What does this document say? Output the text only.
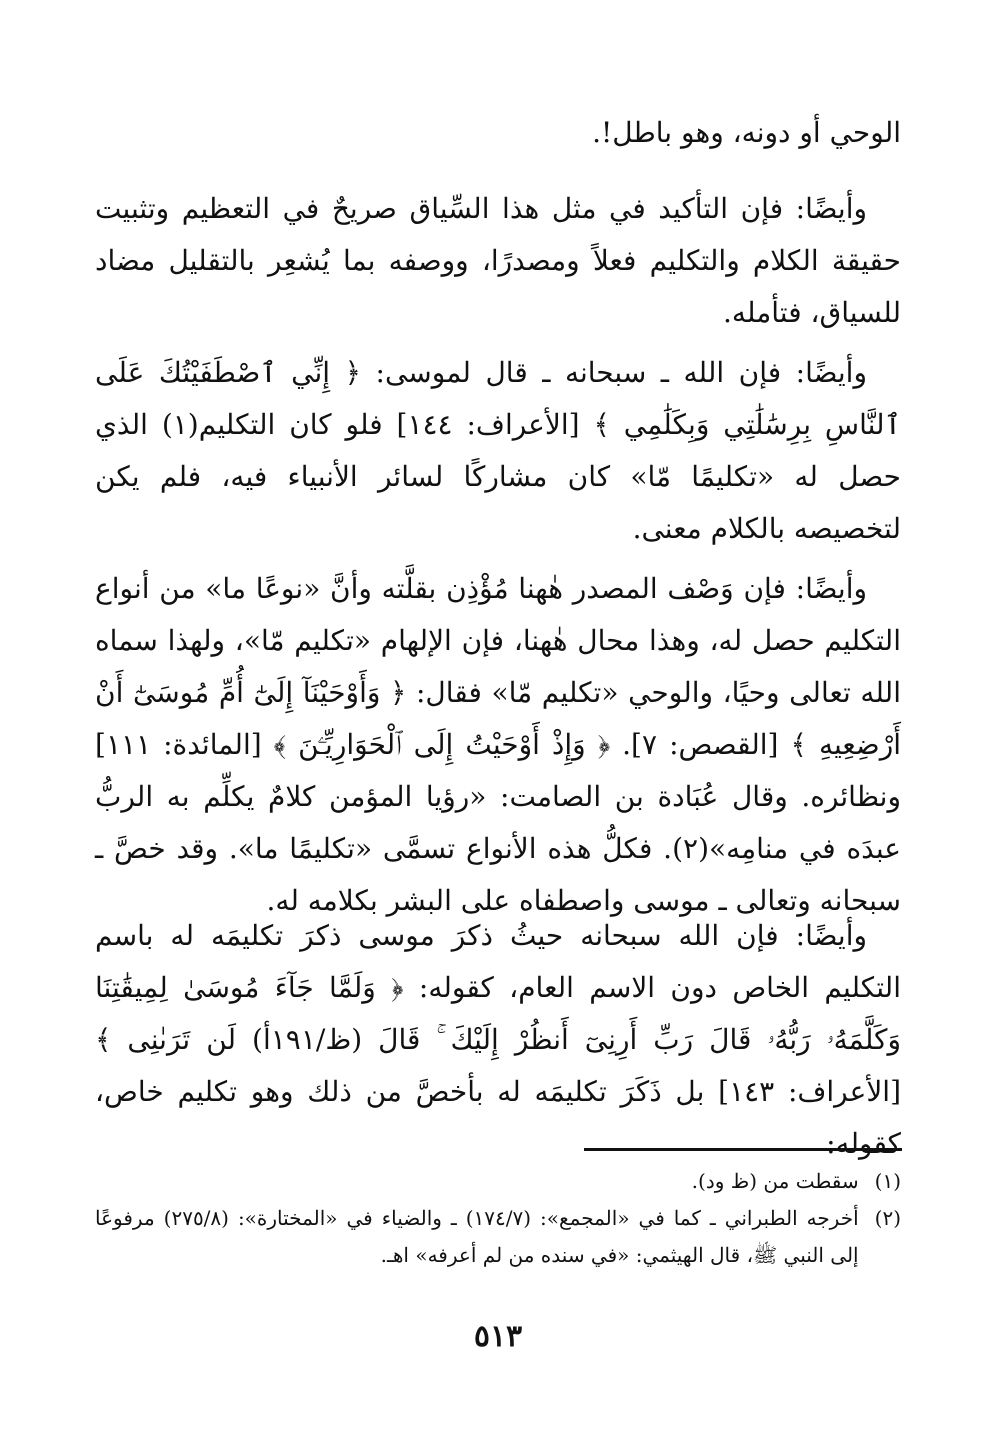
الوحي أو دونه، وهو باطل!.

وأيضًا: فإن التأكيد في مثل هذا السِّياق صريحٌ في التعظيم وتثبيت حقيقة الكلام والتكليم فعلاً ومصدرًا، ووصفه بما يُشعِر بالتقليل مضاد للسياق، فتأمله.

وأيضًا: فإن الله ـ سبحانه ـ قال لموسى: ﴿ إِنِّي ٱصْطَفَيْتُكَ عَلَى ٱلنَّاسِ بِرِسَٰلَٰتِي وَبِكَلَٰمِي ﴾ [الأعراف: ١٤٤] فلو كان التكليم(١) الذي حصل له «تكليمًا مّا» كان مشاركًا لسائر الأنبياء فيه، فلم يكن لتخصيصه بالكلام معنى.

وأيضًا: فإن وَصْف المصدر هٰهنا مُؤْذِن بقلَّته وأنَّ «نوعًا ما» من أنواع التكليم حصل له، وهذا محال هٰهنا، فإن الإلهام «تكليم مّا»، ولهذا سماه الله تعالى وحيًا، والوحي «تكليم مّا» فقال: ﴿ وَأَوْحَيْنَآ إِلَىٰٓ أُمِّ مُوسَىٰٓ أَنْ أَرْضِعِيهِ ﴾ [القصص: ٧]. ﴿ وَإِذْ أَوْحَيْتُ إِلَى ٱلْحَوَارِيِّـۧنَ ﴾ [المائدة: ١١١] ونظائره. وقال عُبَادة بن الصامت: «رؤيا المؤمن كلامٌ يكلِّم به الربُّ عبدَه في منامِه»(٢). فكلُّ هذه الأنواع تسمَّى «تكليمًا ما». وقد خصَّ ـ سبحانه وتعالى ـ موسى واصطفاه على البشر بكلامه له.

وأيضًا: فإن الله سبحانه حيثُ ذكرَ موسى ذكرَ تكليمَه له باسم التكليم الخاص دون الاسم العام، كقوله: ﴿ وَلَمَّا جَآءَ مُوسَىٰ لِمِيقَٰتِنَا وَكَلَّمَهُۥ رَبُّهُۥ قَالَ رَبِّ أَرِنِىٓ أَنظُرْ إِلَيْكَ ۚ قَالَ (ظ/١٩١أ) لَن تَرَىٰنِى ﴾ [الأعراف: ١٤٣] بل ذَكَرَ تكليمَه له بأخصَّ من ذلك وهو تكليم خاص، كقوله:

(١)
سقطت من (ظ ود).
(٢)
أخرجه الطبراني ـ كما في «المجمع»: (١٧٤/٧) ـ والضياء في «المختارة»: (٢٧٥/٨) مرفوعًا إلى النبي ﷺ، قال الهيثمي: «في سنده من لم أعرفه» اهـ.
٥١٣
